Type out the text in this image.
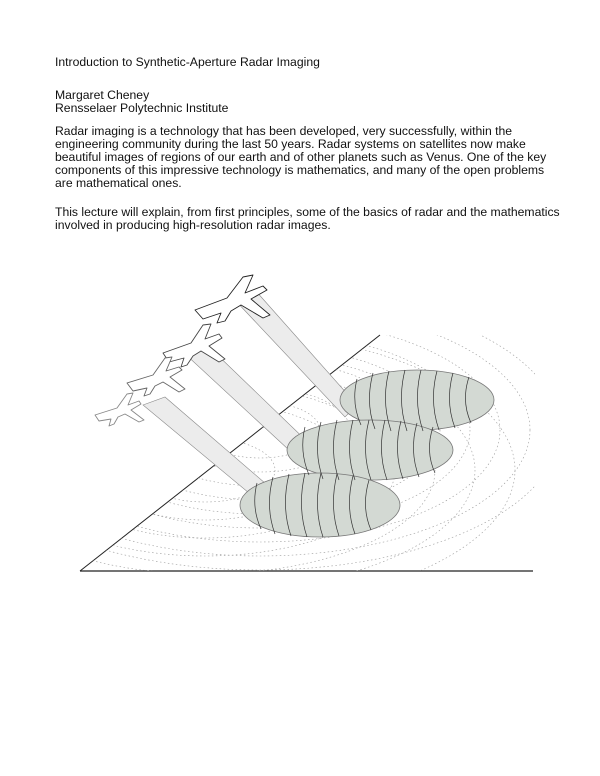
Introduction to Synthetic-Aperture Radar Imaging
Margaret Cheney
Rensselaer Polytechnic Institute
Radar imaging is a technology that has been developed, very successfully, within the
engineering community during the last 50 years. Radar systems on satellites now make
beautiful images of regions of our earth and of other planets such as Venus. One of the key
components of this impressive technology is mathematics, and many of the open problems
are mathematical ones.
This lecture will explain, from first principles, some of the basics of radar and the mathematics
involved in producing high-resolution radar images.
